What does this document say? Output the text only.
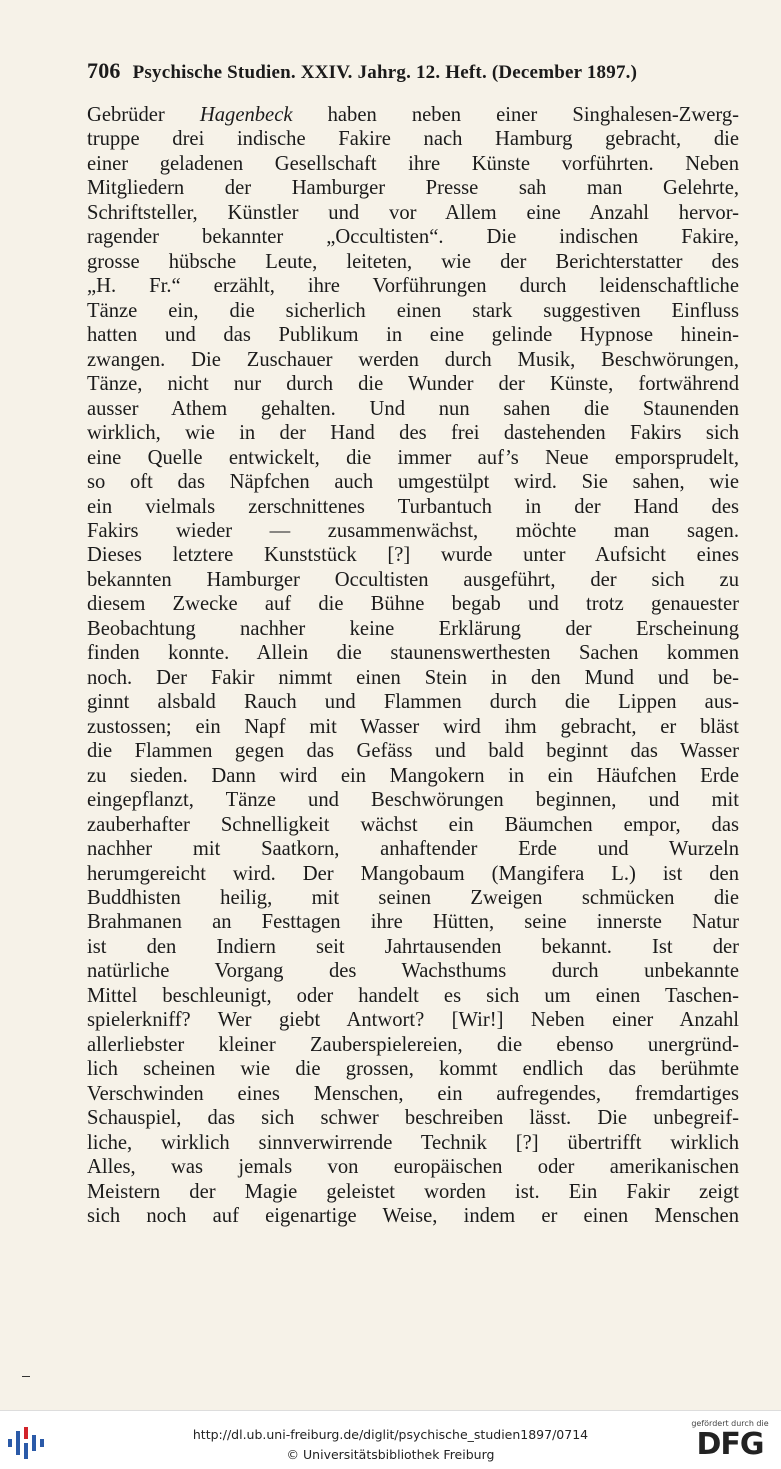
706 Psychische Studien. XXIV. Jahrg. 12. Heft. (December 1897.)
Gebrüder Hagenbeck haben neben einer Singhalesen-Zwerg-
truppe drei indische Fakire nach Hamburg gebracht, die
einer geladenen Gesellschaft ihre Künste vorführten. Neben
Mitgliedern der Hamburger Presse sah man Gelehrte,
Schriftsteller, Künstler und vor Allem eine Anzahl hervor-
ragender bekannter „Occultisten“. Die indischen Fakire,
grosse hübsche Leute, leiteten, wie der Berichterstatter des
„H. Fr.“ erzählt, ihre Vorführungen durch leidenschaftliche
Tänze ein, die sicherlich einen stark suggestiven Einfluss
hatten und das Publikum in eine gelinde Hypnose hinein-
zwangen. Die Zuschauer werden durch Musik, Beschwörungen,
Tänze, nicht nur durch die Wunder der Künste, fortwährend
ausser Athem gehalten. Und nun sahen die Staunenden
wirklich, wie in der Hand des frei dastehenden Fakirs sich
eine Quelle entwickelt, die immer auf’s Neue emporsprudelt,
so oft das Näpfchen auch umgestülpt wird. Sie sahen, wie
ein vielmals zerschnittenes Turbantuch in der Hand des
Fakirs wieder — zusammenwächst, möchte man sagen.
Dieses letztere Kunststück [?] wurde unter Aufsicht eines
bekannten Hamburger Occultisten ausgeführt, der sich zu
diesem Zwecke auf die Bühne begab und trotz genauester
Beobachtung nachher keine Erklärung der Erscheinung
finden konnte. Allein die staunenswerthesten Sachen kommen
noch. Der Fakir nimmt einen Stein in den Mund und be-
ginnt alsbald Rauch und Flammen durch die Lippen aus-
zustossen; ein Napf mit Wasser wird ihm gebracht, er bläst
die Flammen gegen das Gefäss und bald beginnt das Wasser
zu sieden. Dann wird ein Mangokern in ein Häufchen Erde
eingepflanzt, Tänze und Beschwörungen beginnen, und mit
zauberhafter Schnelligkeit wächst ein Bäumchen empor, das
nachher mit Saatkorn, anhaftender Erde und Wurzeln
herumgereicht wird. Der Mangobaum (Mangifera L.) ist den
Buddhisten heilig, mit seinen Zweigen schmücken die
Brahmanen an Festtagen ihre Hütten, seine innerste Natur
ist den Indiern seit Jahrtausenden bekannt. Ist der
natürliche Vorgang des Wachsthums durch unbekannte
Mittel beschleunigt, oder handelt es sich um einen Taschen-
spielerkniff? Wer giebt Antwort? [Wir!] Neben einer Anzahl
allerliebster kleiner Zauberspielereien, die ebenso unergründ-
lich scheinen wie die grossen, kommt endlich das berühmte
Verschwinden eines Menschen, ein aufregendes, fremdartiges
Schauspiel, das sich schwer beschreiben lässt. Die unbegreif-
liche, wirklich sinnverwirrende Technik [?] übertrifft wirklich
Alles, was jemals von europäischen oder amerikanischen
Meistern der Magie geleistet worden ist. Ein Fakir zeigt
sich noch auf eigenartige Weise, indem er einen Menschen
http://dl.ub.uni-freiburg.de/diglit/psychische_studien1897/0714
© Universitätsbibliothek Freiburg
gefördert durch die
DFG
